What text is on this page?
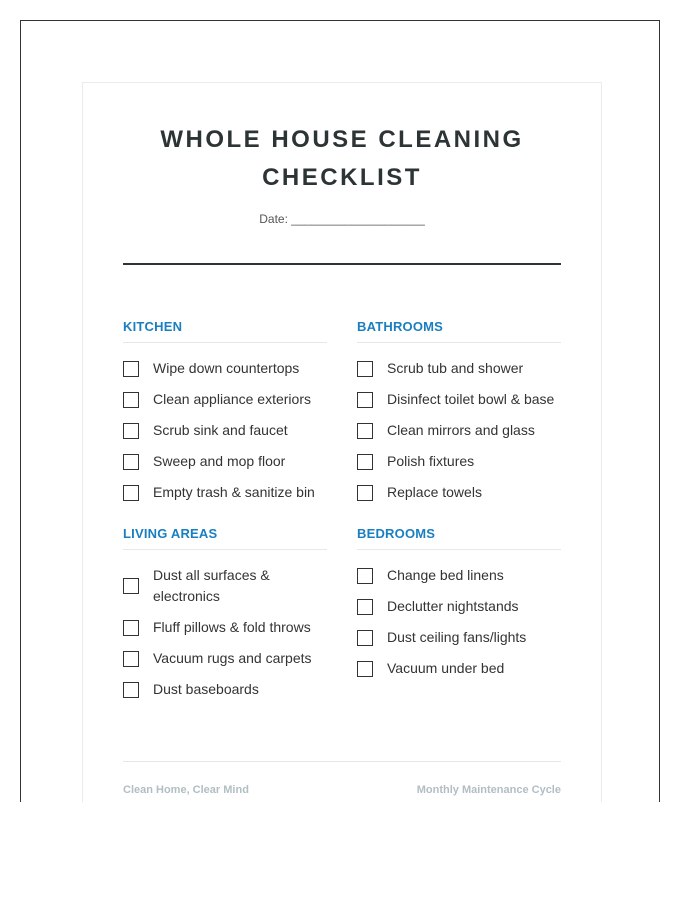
WHOLE HOUSE CLEANING CHECKLIST
Date: ____________________
KITCHEN
Wipe down countertops
Clean appliance exteriors
Scrub sink and faucet
Sweep and mop floor
Empty trash & sanitize bin
BATHROOMS
Scrub tub and shower
Disinfect toilet bowl & base
Clean mirrors and glass
Polish fixtures
Replace towels
LIVING AREAS
Dust all surfaces & electronics
Fluff pillows & fold throws
Vacuum rugs and carpets
Dust baseboards
BEDROOMS
Change bed linens
Declutter nightstands
Dust ceiling fans/lights
Vacuum under bed
Clean Home, Clear Mind	Monthly Maintenance Cycle
